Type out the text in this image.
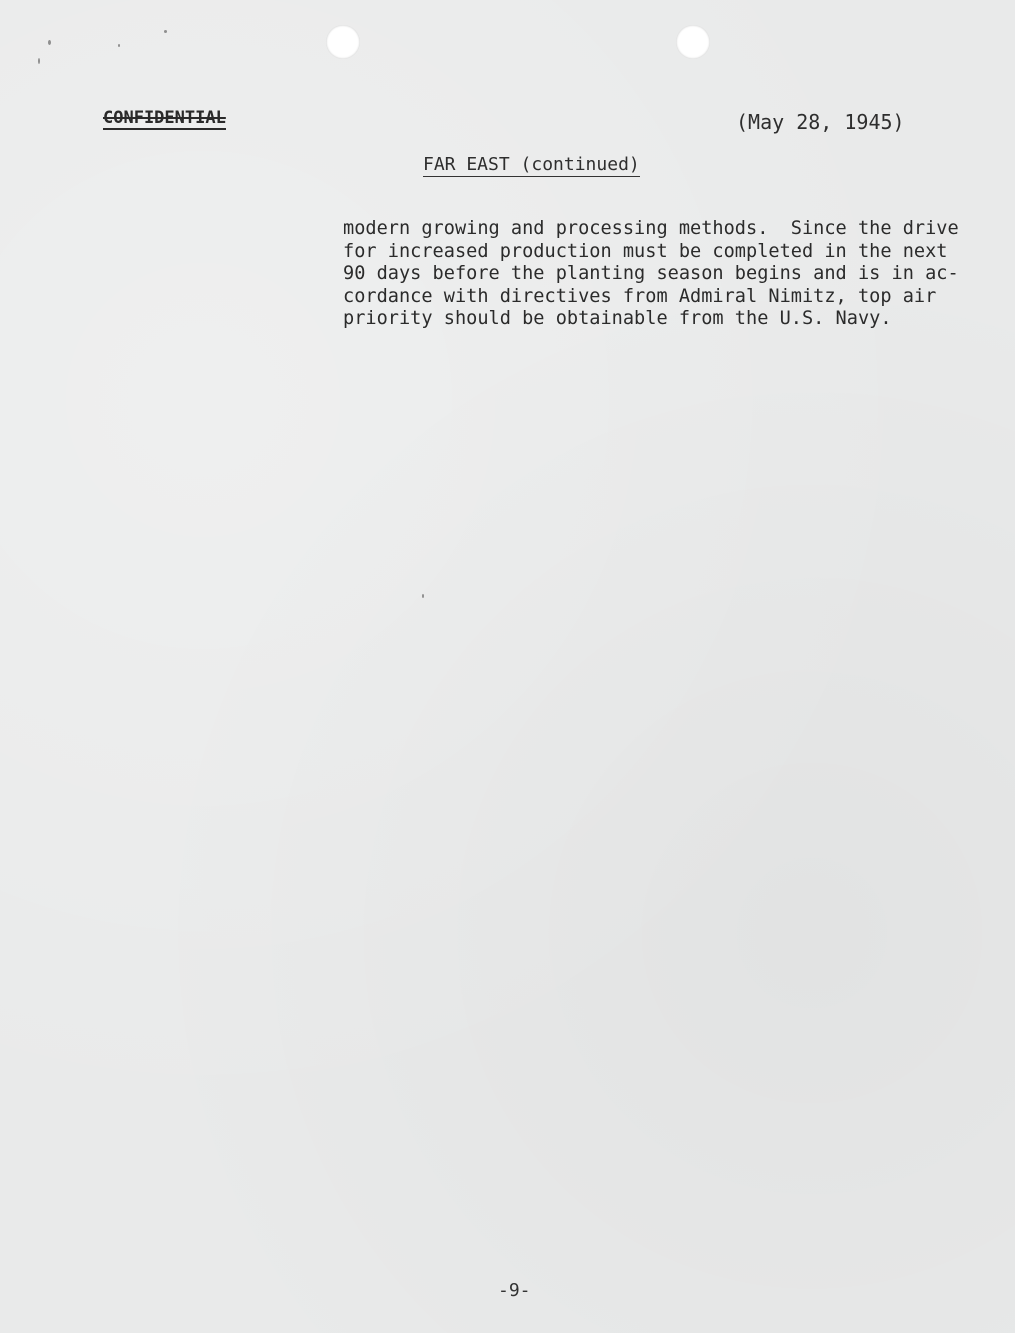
CONFIDENTIAL	(May 28, 1945)
FAR EAST (continued)
modern growing and processing methods.  Since the drive
for increased production must be completed in the next
90 days before the planting season begins and is in ac-
cordance with directives from Admiral Nimitz, top air
priority should be obtainable from the U.S. Navy.
-9-
